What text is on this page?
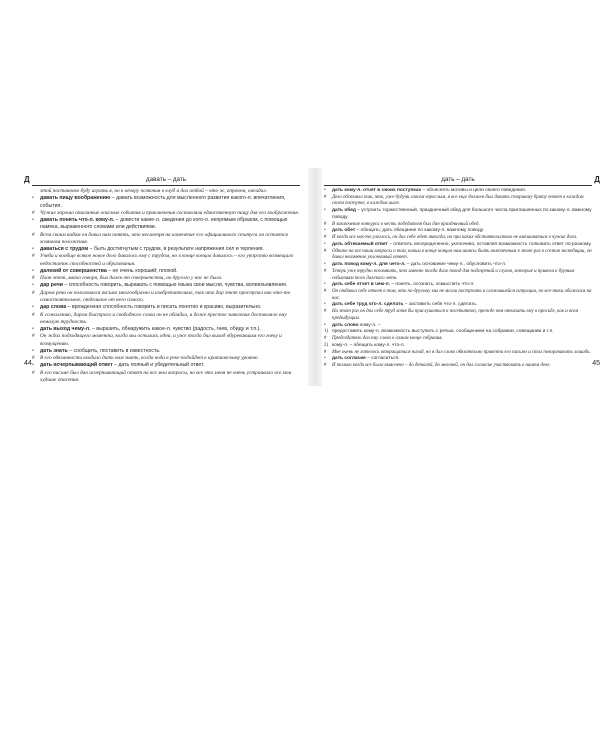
Д	давать – дать

этой постановке буду играть я, но к вечеру позвония в клуб и дал отбой – что ж, впрочем, ожидал.

• давать пищу воображению – давать возможность для мысленного развития какого-л. впечатления, события.

# Чужие хорошо описанные опасные события и приключения составляли единственную пищу для его воображения.

• давать понять что-л. кому-л. – довести какие-л. сведения до кого-л. непрямым образом, с помощью намека, выраженного словами или действиями.

# Всем своим видом он давал нам понять, что несмотря на изменение его официального статуса он остается хозяином положения.

• даваться с трудом – быть достигнутым с трудом, в результате напряжения сил и терпения.

# Учеба и вообще всякое новое дело давалось ему с трудом, но в конце концов давалось – его упорство возмещало недостаток способностей и образования.

• далекий от совершенства – не очень хороший; плохой.

# План этот, мягко говоря, был далек от совершенства, но другого у нас не было.

• дар речи – способность говорить, выражать с помощью языка свои мысли, чувства, волеизъявления.

# Даром речи он пользовался весьма многообразно и изобретательно, так что дар этот проступал как что-то самостоятельное, отдельное от него самого.

• дар слова – врожденная способность говорить и писать понятно и красиво, выразительно.

# К сожалению, даром быстрого и свободного слова он не обладал, и даже простое заявление доставляло ему немалую трудность.

• дать выход чему-л. – выразить, обнаружить какое-л. чувство (радость, гнев, обиду и т.п.).

# Он ждал подходящего момента, когда мы остались одни, и уже тогда дал выход обуревавшим его гневу и возмущению.

• дать знать – сообщить, поставить в известность.

# В его обязанности входило дать нам знать, когда вода в реке подойдет к критическому уровню.

• дать исчерпывающий ответ – дать полный и убедительный ответ.

# В его письме был дан исчерпывающий ответ на все мои вопросы, но все это меня не очень устраивало все мои худшие опасения.

44
дать – дать	Д

• дать кому-л. отчет в своих поступках – объяснять мотивы и цели своего поведения.

# Дело обстояло так, что, уже будучи совсем взрослым, я все еще должен был давать старшему брату отчет в каждом своем поступке, в каждом шаге.

• дать обед – устроить торжественный, праздничный обед для большого числа приглашенных по какому-л. важному поводу.

# В заключение конкурса в честь победителя был дан праздничный обед.

• дать обет – обещать; дать обещание по какому-л. важному поводу.

# И когда все как-то улеглось, он дал себе обет никогда, ни при каких обстоятельствах не вмешиваться в чужие дела.

• дать обтекаемый ответ – ответить неопределенно, уклончиво, оставляя возможность толковать ответ по-разному.

# Однако на все наши вопросы о том, каким в конце концов нам шансы быть включенным в этот раз в состав экспедиции, он давал неизменно уклончивый ответ.

• дать повод кому-л. для чего-л. – дать основание чему-л., обусловить что-л.

# Теперь уже трудно вспомнить, что именно тогда дало повод для подозрений и слухов, которые и привели к бурным событиям того далекого лета.

• дать себе отчет в чем-л. – понять, осознать, осмыслить что-л.

# Он отдавал себе отчет в том, что по-другому мы не могли поступить в сложившейся ситуации, но все-таки обижался на нас.

• дать себе труд что-л. сделать – заставить себя что-л. сделать.

# На этот раз он дал себе труд хотя бы прислушаться к посетителю, прежде чем отказать ему в просьбе, как и всем предыдущим.

• дать слово кому-л. –

1) предоставить кому-л. возможность выступить с речью, сообщением на собрании, совещании и т.п.

# Председатель дал ему слово в самом конце собрания.

2) кому-л. – обещать кому-л. что-л.

# Мне очень не хотелось возвращаться назад, но я дал слово обязательно привезти его письмо и стал поворачивать лошадь.

• дать согласие – согласиться.

# И только когда все было выяснено – до деталей, до мелочей, он дал согласие участвовать в нашем деле.	45
